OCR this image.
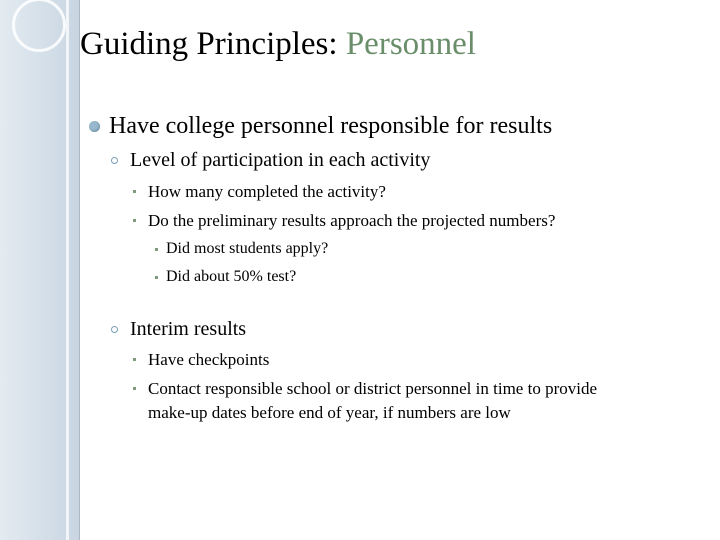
Guiding Principles: Personnel
Have college personnel responsible for results
Level of participation in each activity
How many completed the activity?
Do the preliminary results approach the projected numbers?
Did most students apply?
Did about 50% test?
Interim results
Have checkpoints
Contact responsible school or district personnel in time to provide
make-up dates before end of year, if numbers are low
